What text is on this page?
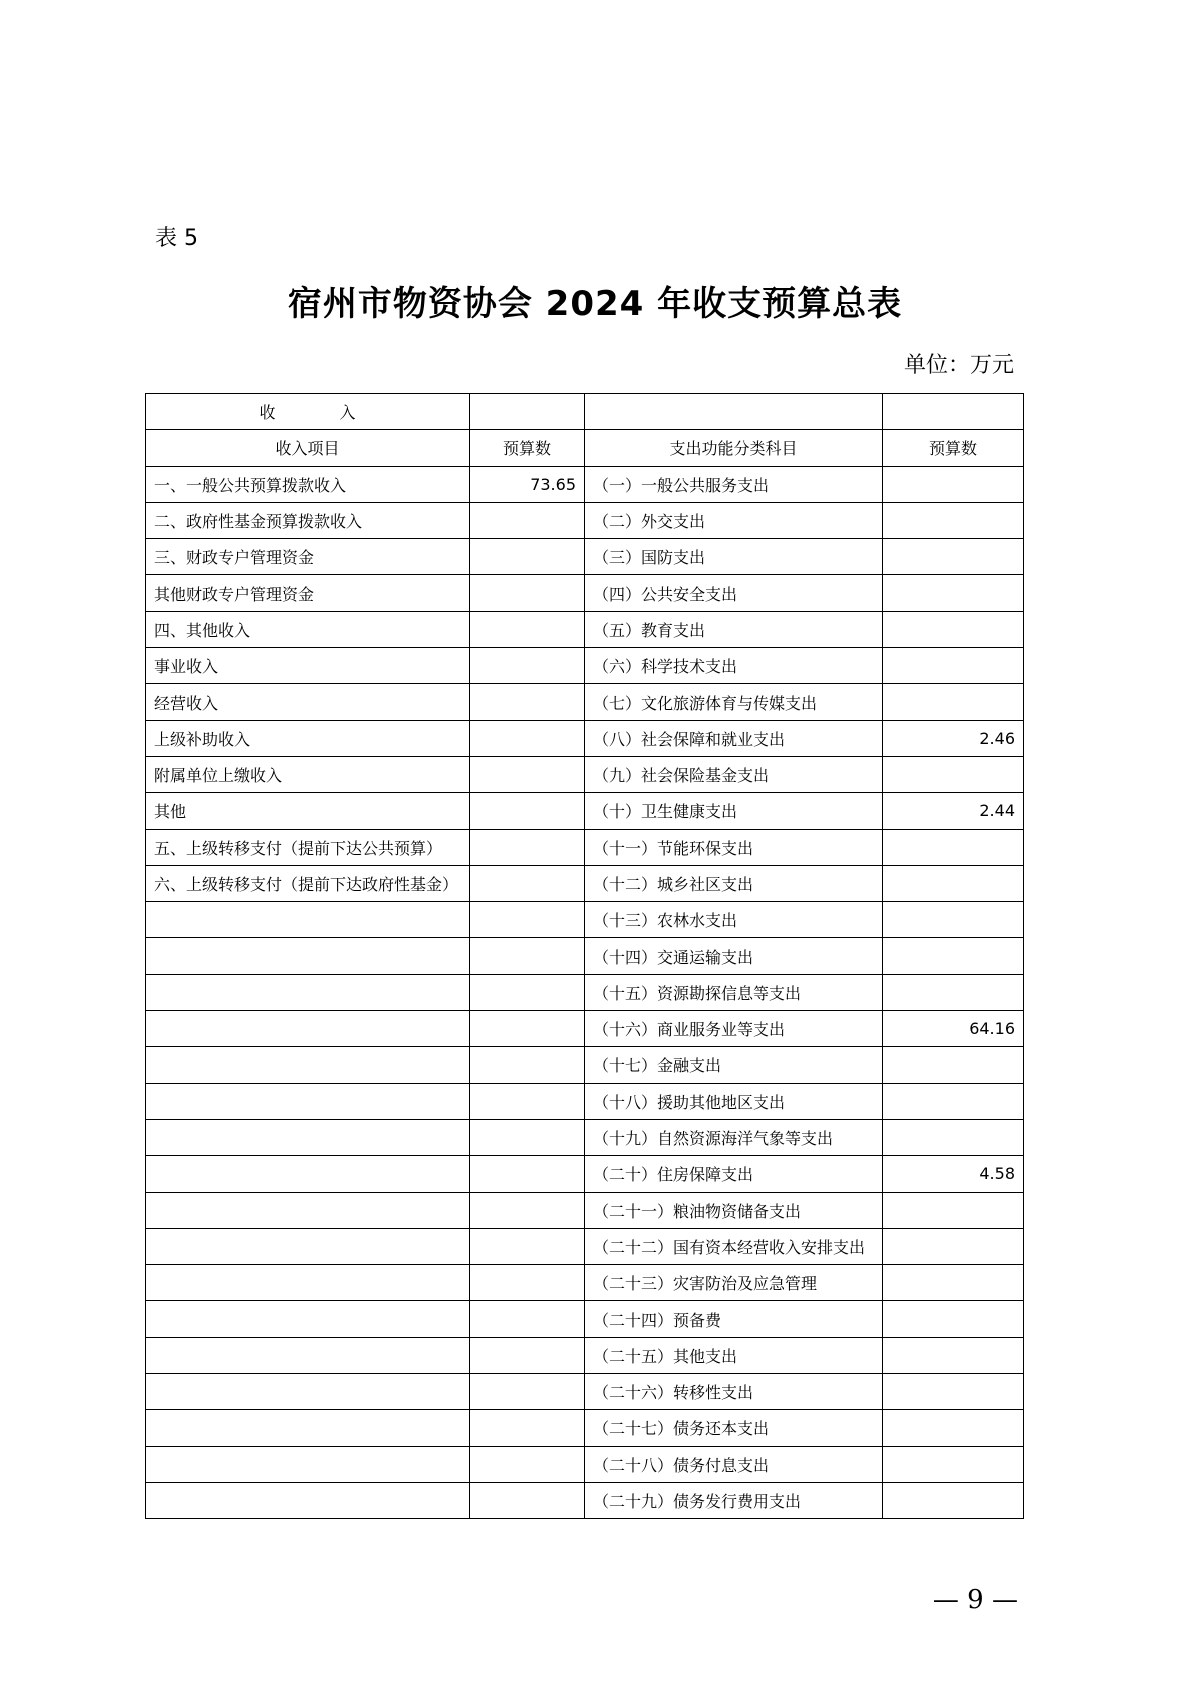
表 5
宿州市物资协会 2024 年收支预算总表
单位：万元
收 入			
收入项目	预算数	支出功能分类科目	预算数
一、一般公共预算拨款收入	73.65	（一）一般公共服务支出	
二、政府性基金预算拨款收入		（二）外交支出	
三、财政专户管理资金		（三）国防支出	
其他财政专户管理资金		（四）公共安全支出	
四、其他收入		（五）教育支出	
事业收入		（六）科学技术支出	
经营收入		（七）文化旅游体育与传媒支出	
上级补助收入		（八）社会保障和就业支出	2.46
附属单位上缴收入		（九）社会保险基金支出	
其他		（十）卫生健康支出	2.44
五、上级转移支付（提前下达公共预算）		（十一）节能环保支出	
六、上级转移支付（提前下达政府性基金）		（十二）城乡社区支出	
		（十三）农林水支出	
		（十四）交通运输支出	
		（十五）资源勘探信息等支出	
		（十六）商业服务业等支出	64.16
		（十七）金融支出	
		（十八）援助其他地区支出	
		（十九）自然资源海洋气象等支出	
		（二十）住房保障支出	4.58
		（二十一）粮油物资储备支出	
		（二十二）国有资本经营收入安排支出	
		（二十三）灾害防治及应急管理	
		（二十四）预备费	
		（二十五）其他支出	
		（二十六）转移性支出	
		（二十七）债务还本支出	
		（二十八）债务付息支出	
		（二十九）债务发行费用支出	
— 9 —
